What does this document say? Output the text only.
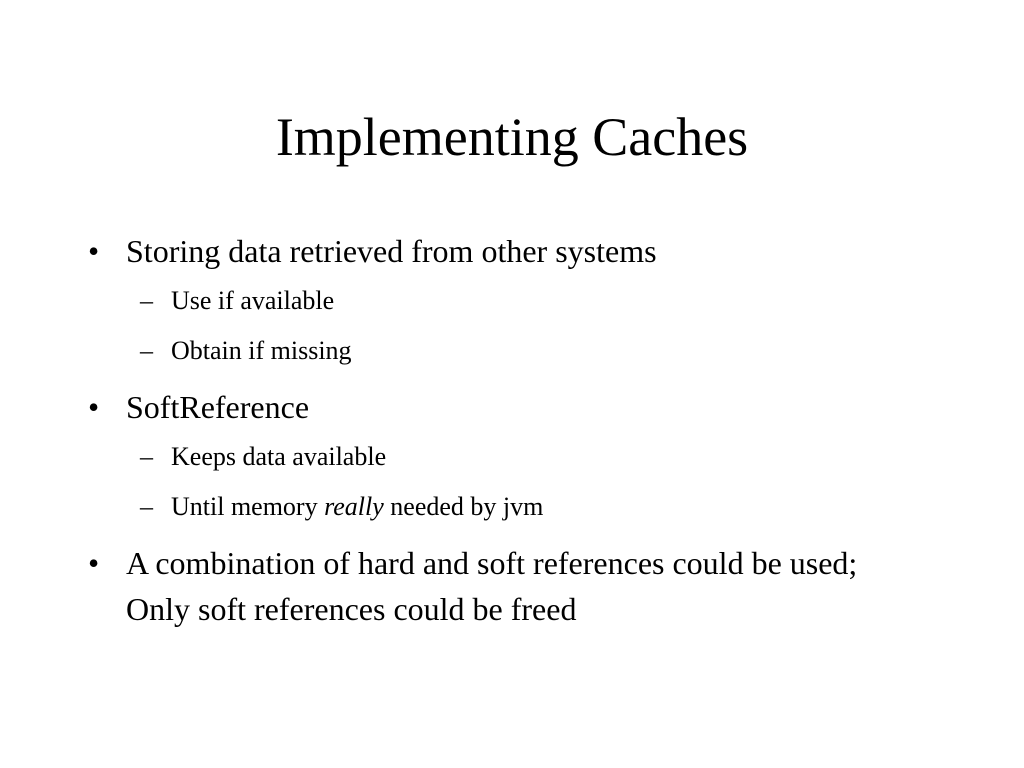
Implementing Caches
• Storing data retrieved from other systems
– Use if available
– Obtain if missing
• SoftReference
– Keeps data available
– Until memory really needed by jvm
• A combination of hard and soft references could be used; Only soft references could be freed
